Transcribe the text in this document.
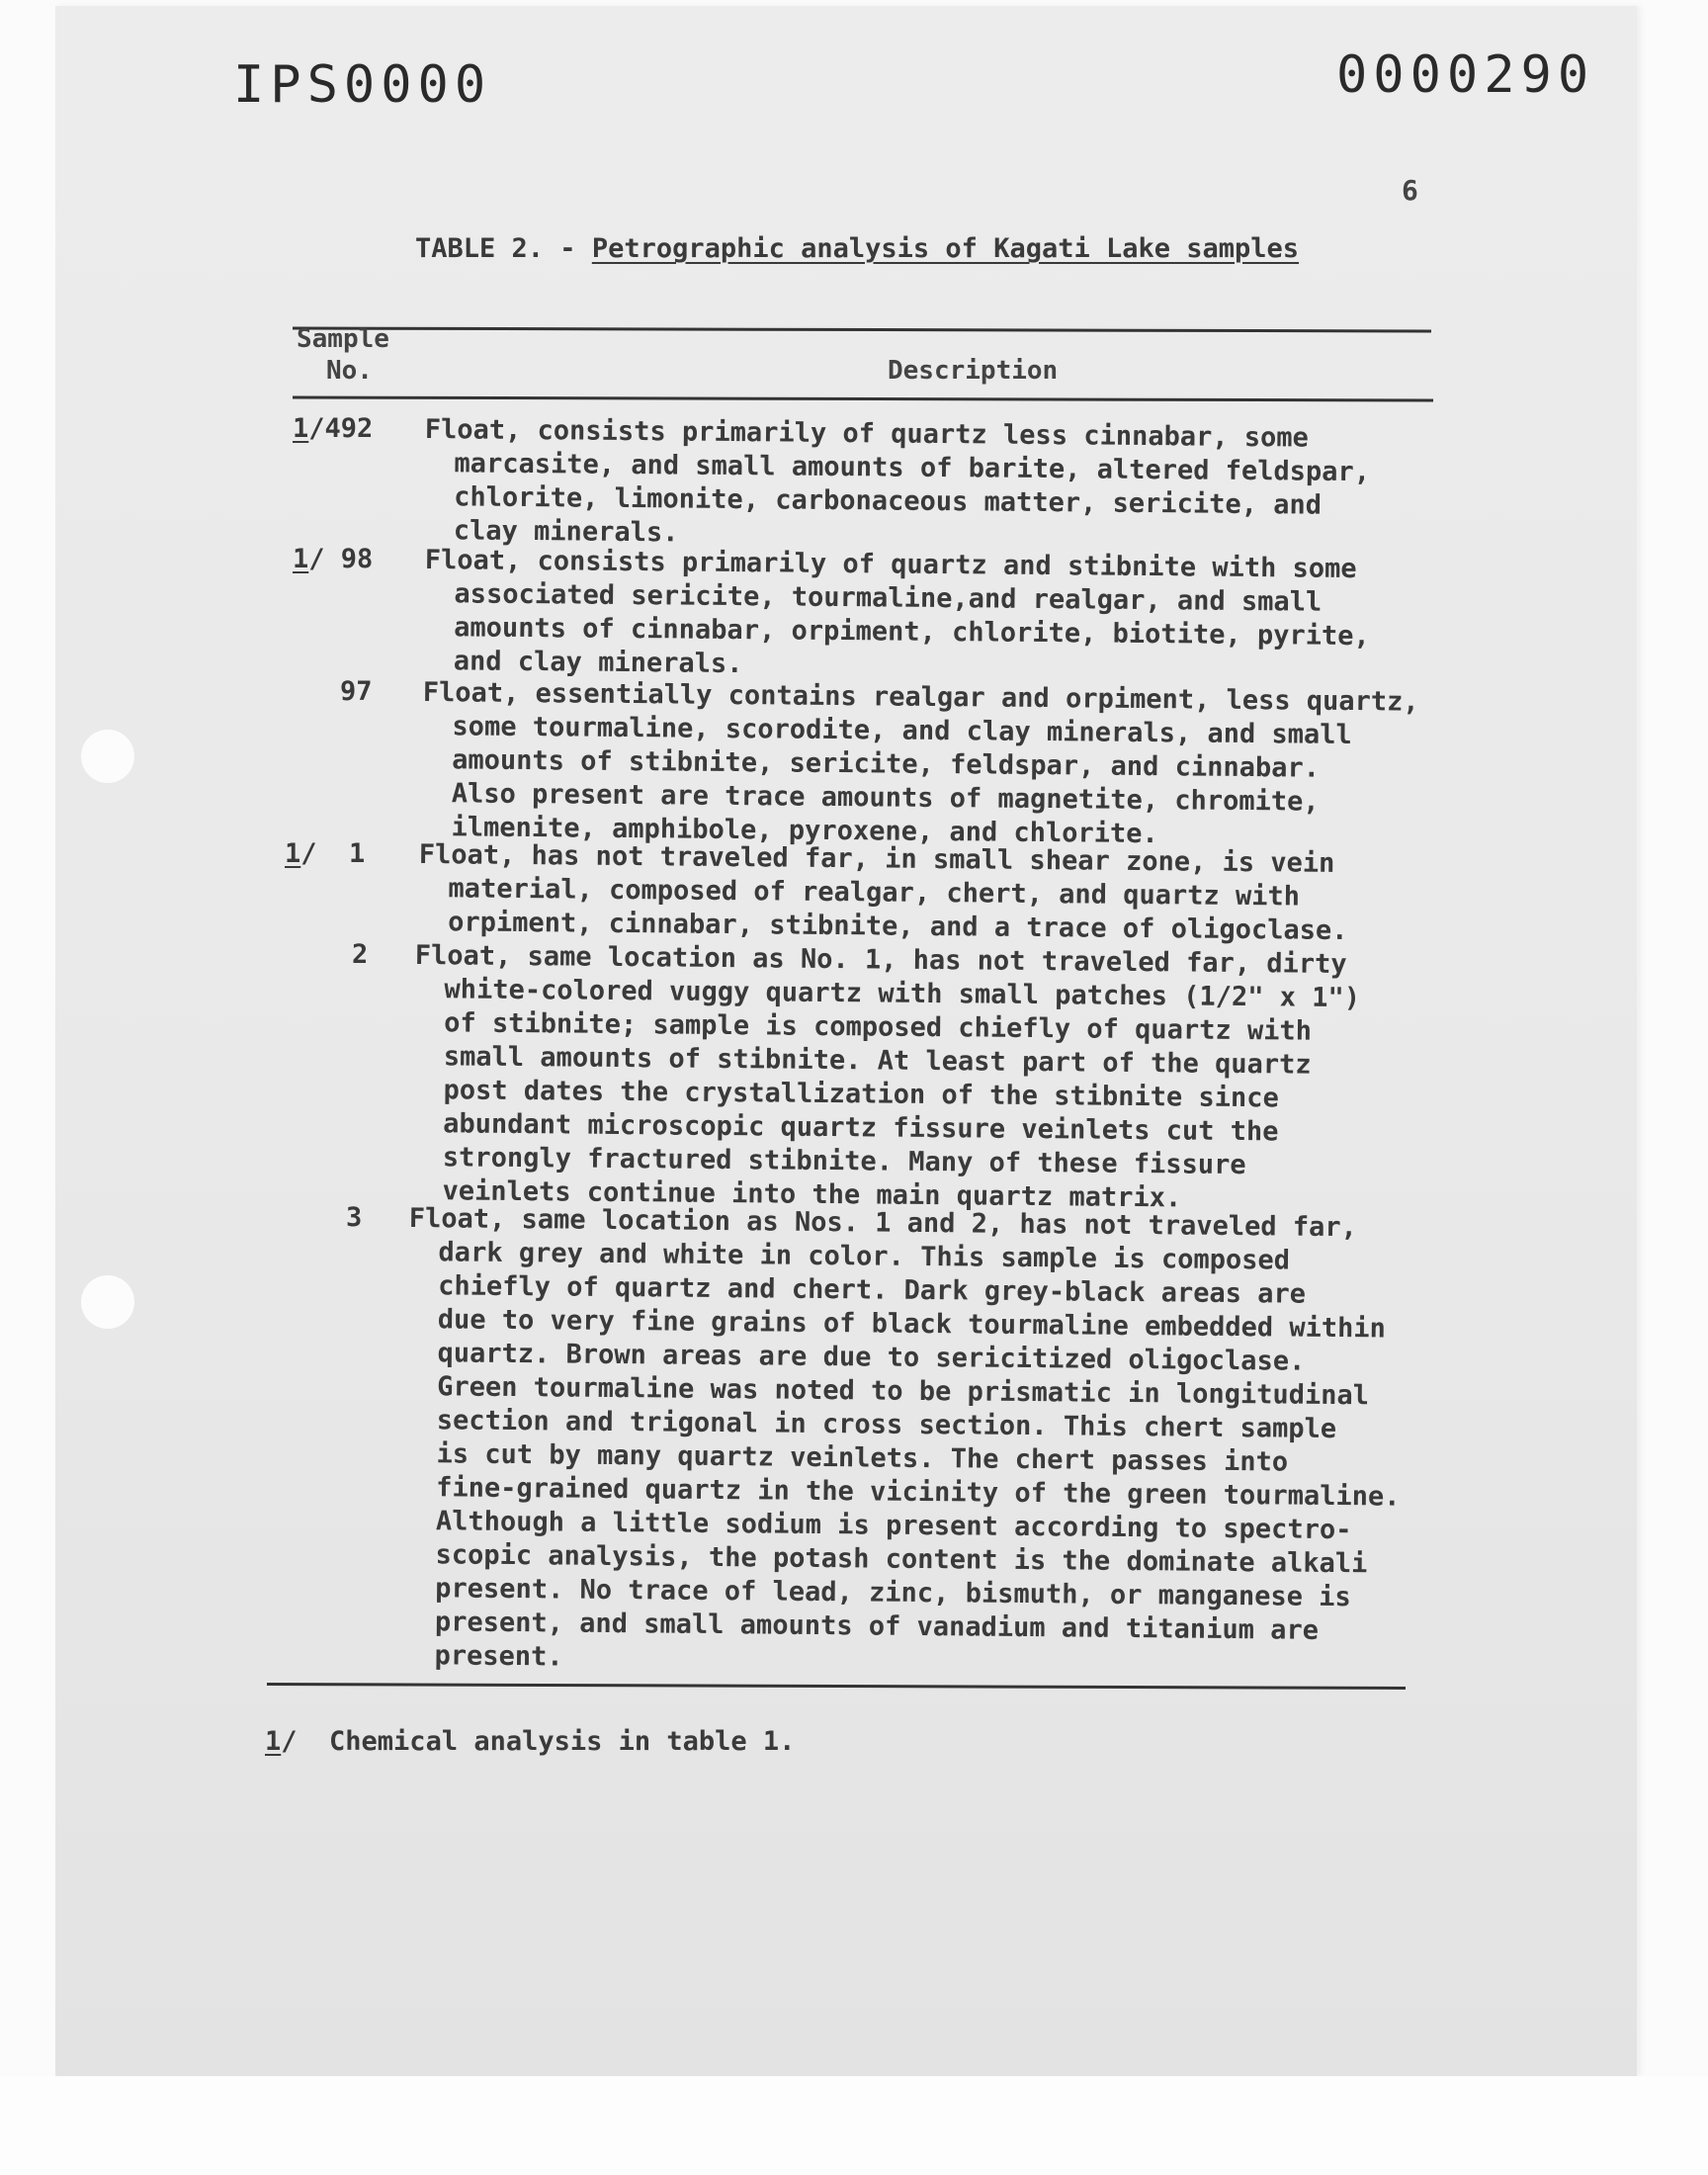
IPS0000	0000290
6
TABLE 2. - Petrographic analysis of Kagati Lake samples
Sample
No.	Description
1/492 Float, consists primarily of quartz less cinnabar, some
marcasite, and small amounts of barite, altered feldspar,
chlorite, limonite, carbonaceous matter, sericite, and
clay minerals.
1/ 98 Float, consists primarily of quartz and stibnite with some
associated sericite, tourmaline,and realgar, and small
amounts of cinnabar, orpiment, chlorite, biotite, pyrite,
and clay minerals.
97 Float, essentially contains realgar and orpiment, less quartz,
some tourmaline, scorodite, and clay minerals, and small
amounts of stibnite, sericite, feldspar, and cinnabar.
Also present are trace amounts of magnetite, chromite,
ilmenite, amphibole, pyroxene, and chlorite.
1/  1 Float, has not traveled far, in small shear zone, is vein
material, composed of realgar, chert, and quartz with
orpiment, cinnabar, stibnite, and a trace of oligoclase.
2 Float, same location as No. 1, has not traveled far, dirty
white-colored vuggy quartz with small patches (1/2" x 1")
of stibnite; sample is composed chiefly of quartz with
small amounts of stibnite. At least part of the quartz
post dates the crystallization of the stibnite since
abundant microscopic quartz fissure veinlets cut the
strongly fractured stibnite. Many of these fissure
veinlets continue into the main quartz matrix.
3 Float, same location as Nos. 1 and 2, has not traveled far,
dark grey and white in color. This sample is composed
chiefly of quartz and chert. Dark grey-black areas are
due to very fine grains of black tourmaline embedded within
quartz. Brown areas are due to sericitized oligoclase.
Green tourmaline was noted to be prismatic in longitudinal
section and trigonal in cross section. This chert sample
is cut by many quartz veinlets. The chert passes into
fine-grained quartz in the vicinity of the green tourmaline.
Although a little sodium is present according to spectro-
scopic analysis, the potash content is the dominate alkali
present. No trace of lead, zinc, bismuth, or manganese is
present, and small amounts of vanadium and titanium are
present.
1/  Chemical analysis in table 1.
